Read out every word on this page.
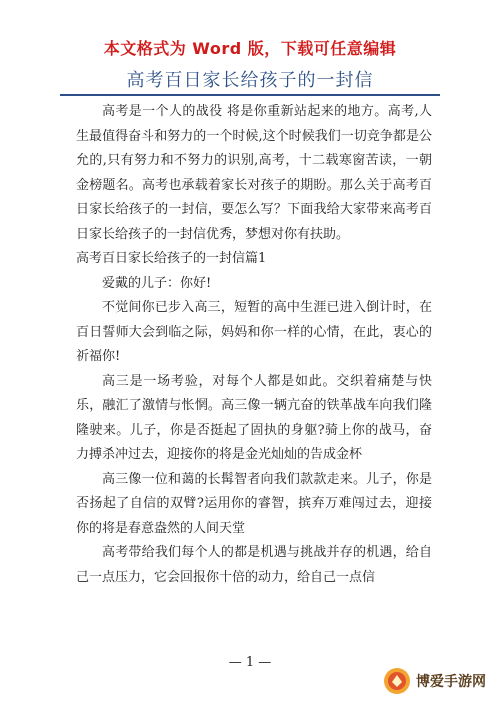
本文格式为 Word 版，下载可任意编辑
高考百日家长给孩子的一封信

高考是一个人的战役 将是你重新站起来的地方。高考,人生最值得奋斗和努力的一个时候,这个时候我们一切竞争都是公允的,只有努力和不努力的识别,高考，十二载寒窗苦读，一朝金榜题名。高考也承载着家长对孩子的期盼。那么关于高考百日家长给孩子的一封信，要怎么写？下面我给大家带来高考百日家长给孩子的一封信优秀，梦想对你有扶助。

高考百日家长给孩子的一封信篇1

爱戴的儿子：你好!

不觉间你已步入高三，短暂的高中生涯已进入倒计时，在百日誓师大会到临之际，妈妈和你一样的心情，在此，衷心的祈福你!

高三是一场考验，对每个人都是如此。交织着痛楚与快乐，融汇了激情与怅惘。高三像一辆亢奋的铁革战车向我们隆隆驶来。儿子，你是否挺起了固执的身躯?骑上你的战马，奋力搏杀冲过去，迎接你的将是金光灿灿的告成金杯

高三像一位和蔼的长髯智者向我们款款走来。儿子，你是否扬起了自信的双臂?运用你的睿智，摈弃万难闯过去，迎接你的将是春意盎然的人间天堂

高考带给我们每个人的都是机遇与挑战并存的机遇，给自己一点压力，它会回报你十倍的动力，给自己一点信

— 1 —
博爱手游网
